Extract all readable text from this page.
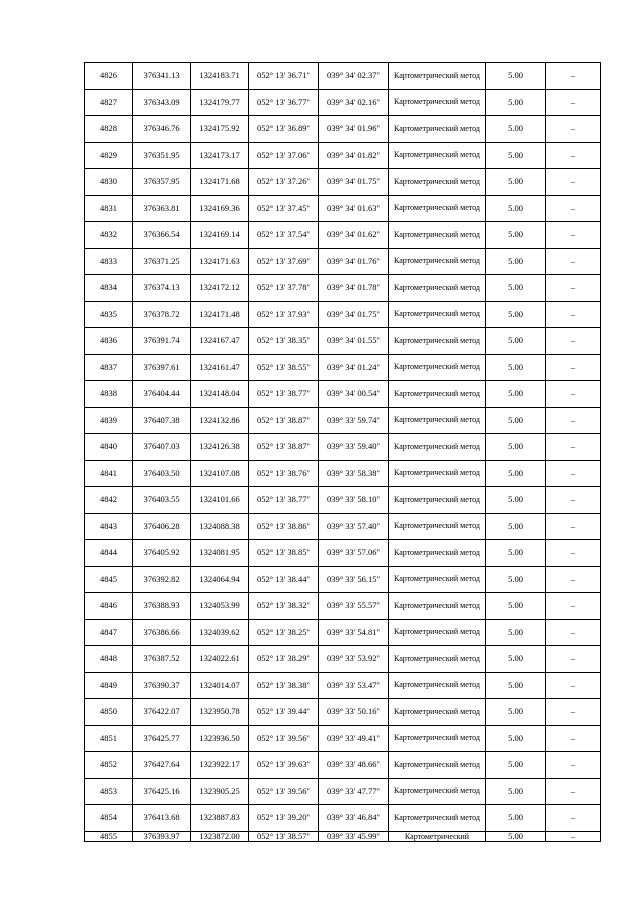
4826	376341.13	1324183.71	052° 13' 36.71"	039° 34' 02.37"	Картометрический метод	5.00	–
4827	376343.09	1324179.77	052° 13' 36.77"	039° 34' 02.16"	Картометрический метод	5.00	–
4828	376346.76	1324175.92	052° 13' 36.89"	039° 34' 01.96"	Картометрический метод	5.00	–
4829	376351.95	1324173.17	052° 13' 37.06"	039° 34' 01.82"	Картометрический метод	5.00	–
4830	376357.95	1324171.68	052° 13' 37.26"	039° 34' 01.75"	Картометрический метод	5.00	–
4831	376363.81	1324169.36	052° 13' 37.45"	039° 34' 01.63"	Картометрический метод	5.00	–
4832	376366.54	1324169.14	052° 13' 37.54"	039° 34' 01.62"	Картометрический метод	5.00	–
4833	376371.25	1324171.63	052° 13' 37.69"	039° 34' 01.76"	Картометрический метод	5.00	–
4834	376374.13	1324172.12	052° 13' 37.78"	039° 34' 01.78"	Картометрический метод	5.00	–
4835	376378.72	1324171.48	052° 13' 37.93"	039° 34' 01.75"	Картометрический метод	5.00	–
4836	376391.74	1324167.47	052° 13' 38.35"	039° 34' 01.55"	Картометрический метод	5.00	–
4837	376397.61	1324161.47	052° 13' 38.55"	039° 34' 01.24"	Картометрический метод	5.00	–
4838	376404.44	1324148.04	052° 13' 38.77"	039° 34' 00.54"	Картометрический метод	5.00	–
4839	376407.38	1324132.86	052° 13' 38.87"	039° 33' 59.74"	Картометрический метод	5.00	–
4840	376407.03	1324126.38	052° 13' 38.87"	039° 33' 59.40"	Картометрический метод	5.00	–
4841	376403.50	1324107.08	052° 13' 38.76"	039° 33' 58.38"	Картометрический метод	5.00	–
4842	376403.55	1324101.66	052° 13' 38.77"	039° 33' 58.10"	Картометрический метод	5.00	–
4843	376406.28	1324088.38	052° 13' 38.86"	039° 33' 57.40"	Картометрический метод	5.00	–
4844	376405.92	1324081.95	052° 13' 38.85"	039° 33' 57.06"	Картометрический метод	5.00	–
4845	376392.82	1324064.94	052° 13' 38.44"	039° 33' 56.15"	Картометрический метод	5.00	–
4846	376388.93	1324053.99	052° 13' 38.32"	039° 33' 55.57"	Картометрический метод	5.00	–
4847	376386.66	1324039.62	052° 13' 38.25"	039° 33' 54.81"	Картометрический метод	5.00	–
4848	376387.52	1324022.61	052° 13' 38.29"	039° 33' 53.92"	Картометрический метод	5.00	–
4849	376390.37	1324014.07	052° 13' 38.38"	039° 33' 53.47"	Картометрический метод	5.00	–
4850	376422.07	1323950.78	052° 13' 39.44"	039° 33' 50.16"	Картометрический метод	5.00	–
4851	376425.77	1323936.50	052° 13' 39.56"	039° 33' 49.41"	Картометрический метод	5.00	–
4852	376427.64	1323922.17	052° 13' 39.63"	039° 33' 48.66"	Картометрический метод	5.00	–
4853	376425.16	1323905.25	052° 13' 39.56"	039° 33' 47.77"	Картометрический метод	5.00	–
4854	376413.68	1323887.83	052° 13' 39.20"	039° 33' 46.84"	Картометрический метод	5.00	–
4855	376393.97	1323872.00	052° 13' 38.57"	039° 33' 45.99"	Картометрический	5.00	–
